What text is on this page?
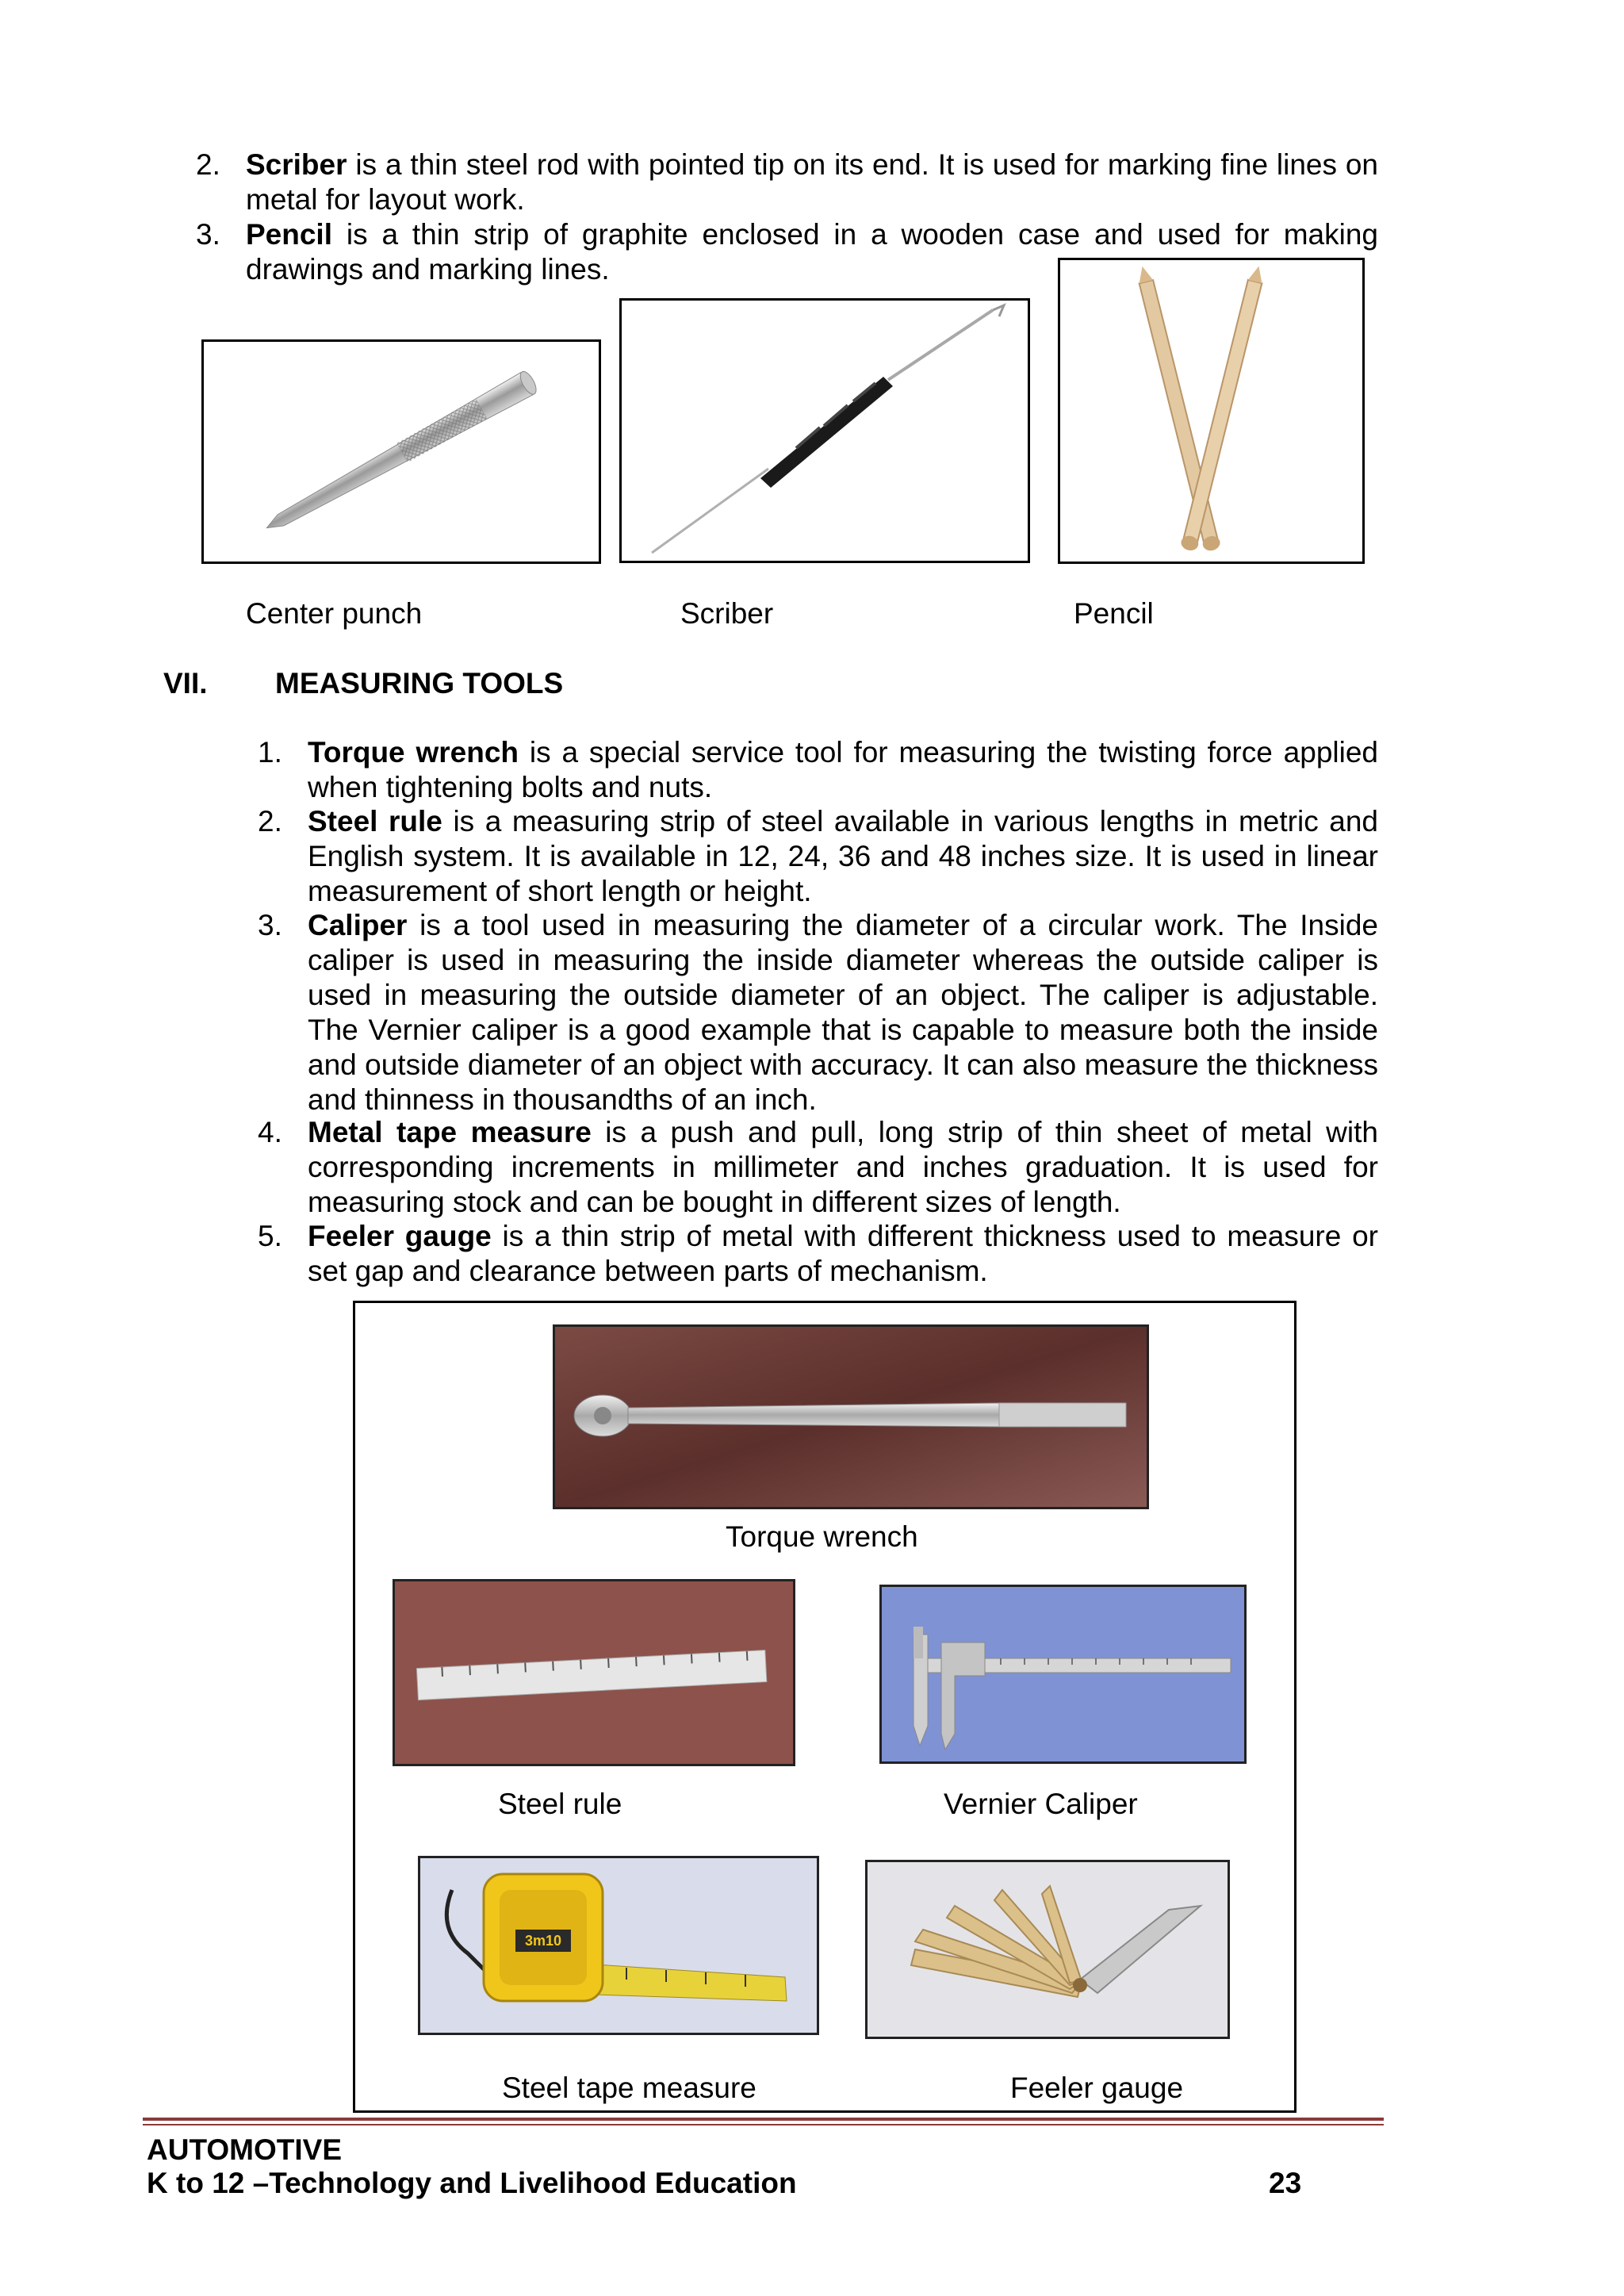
2. Scriber is a thin steel rod with pointed tip on its end. It is used for marking fine lines on metal for layout work.

3. Pencil is a thin strip of graphite enclosed in a wooden case and used for making drawings and marking lines.

Center punch	Scriber	Pencil
VII. MEASURING TOOLS
1. Torque wrench is a special service tool for measuring the twisting force applied when tightening bolts and nuts.

2. Steel rule is a measuring strip of steel available in various lengths in metric and English system. It is available in 12, 24, 36 and 48 inches size. It is used in linear measurement of short length or height.

3. Caliper is a tool used in measuring the diameter of a circular work. The Inside caliper is used in measuring the inside diameter whereas the outside caliper is used in measuring the outside diameter of an object. The caliper is adjustable. The Vernier caliper is a good example that is capable to measure both the inside and outside diameter of an object with accuracy. It can also measure the thickness and thinness in thousandths of an inch.

4. Metal tape measure is a push and pull, long strip of thin sheet of metal with corresponding increments in millimeter and inches graduation. It is used for measuring stock and can be bought in different sizes of length.

5. Feeler gauge is a thin strip of metal with different thickness used to measure or set gap and clearance between parts of mechanism.

Torque wrench
Steel rule	Vernier Caliper
3m10
Steel tape measure	Feeler gauge
AUTOMOTIVE
K to 12 –Technology and Livelihood Education	23
